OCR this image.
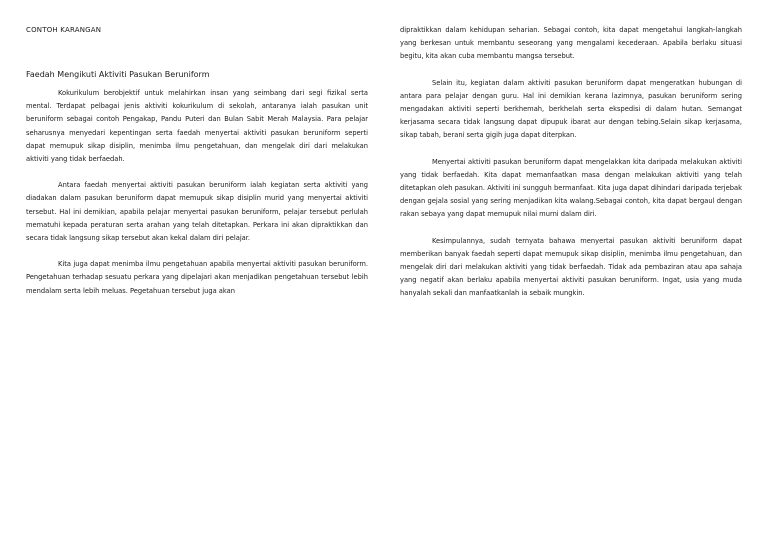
CONTOH KARANGAN
Faedah Mengikuti Aktiviti Pasukan Beruniform

Kokurikulum berobjektif untuk melahirkan insan yang seimbang dari segi fizikal serta mental. Terdapat pelbagai jenis aktiviti kokurikulum di sekolah, antaranya ialah pasukan unit beruniform sebagai contoh Pengakap, Pandu Puteri dan Bulan Sabit Merah Malaysia. Para pelajar seharusnya menyedari kepentingan serta faedah menyertai aktiviti pasukan beruniform seperti dapat memupuk sikap disiplin, menimba ilmu pengetahuan, dan mengelak diri dari melakukan aktiviti yang tidak berfaedah.

Antara faedah menyertai aktiviti pasukan beruniform ialah kegiatan serta aktiviti yang diadakan dalam pasukan beruniform dapat memupuk sikap disiplin murid yang menyertai aktiviti tersebut. Hal ini demikian, apabila pelajar menyertai pasukan beruniform, pelajar tersebut perlulah mematuhi kepada peraturan serta arahan yang telah ditetapkan. Perkara ini akan dipraktikkan dan secara tidak langsung sikap tersebut akan kekal dalam diri pelajar.

Kita juga dapat menimba ilmu pengetahuan apabila menyertai aktiviti pasukan beruniform. Pengetahuan terhadap sesuatu perkara yang dipelajari akan menjadikan pengetahuan tersebut lebih mendalam serta lebih meluas. Pegetahuan tersebut juga akan

dipraktikkan dalam kehidupan seharian. Sebagai contoh, kita dapat mengetahui langkah-langkah yang berkesan untuk membantu seseorang yang mengalami kecederaan. Apabila berlaku situasi begitu, kita akan cuba membantu mangsa tersebut.

Selain itu, kegiatan dalam aktiviti pasukan beruniform dapat mengeratkan hubungan di antara para pelajar dengan guru. Hal ini demikian kerana lazimnya, pasukan beruniform sering mengadakan aktiviti seperti berkhemah, berkhelah serta ekspedisi di dalam hutan. Semangat kerjasama secara tidak langsung dapat dipupuk ibarat aur dengan tebing.Selain sikap kerjasama, sikap tabah, berani serta gigih juga dapat diterpkan.

Menyertai aktiviti pasukan beruniform dapat mengelakkan kita daripada melakukan aktiviti yang tidak berfaedah. Kita dapat memanfaatkan masa dengan melakukan aktiviti yang telah ditetapkan oleh pasukan. Aktiviti ini sungguh bermanfaat. Kita juga dapat dihindari daripada terjebak dengan gejala sosial yang sering menjadikan kita walang.Sebagai contoh, kita dapat bergaul dengan rakan sebaya yang dapat memupuk nilai murni dalam diri.

Kesimpulannya, sudah ternyata bahawa menyertai pasukan aktiviti beruniform dapat memberikan banyak faedah seperti dapat memupuk sikap disiplin, menimba ilmu pengetahuan, dan mengelak diri dari melakukan aktiviti yang tidak berfaedah. Tidak ada pembaziran atau apa sahaja yang negatif akan berlaku apabila menyertai aktiviti pasukan beruniform. Ingat, usia yang muda hanyalah sekali dan manfaatkanlah ia sebaik mungkin.
